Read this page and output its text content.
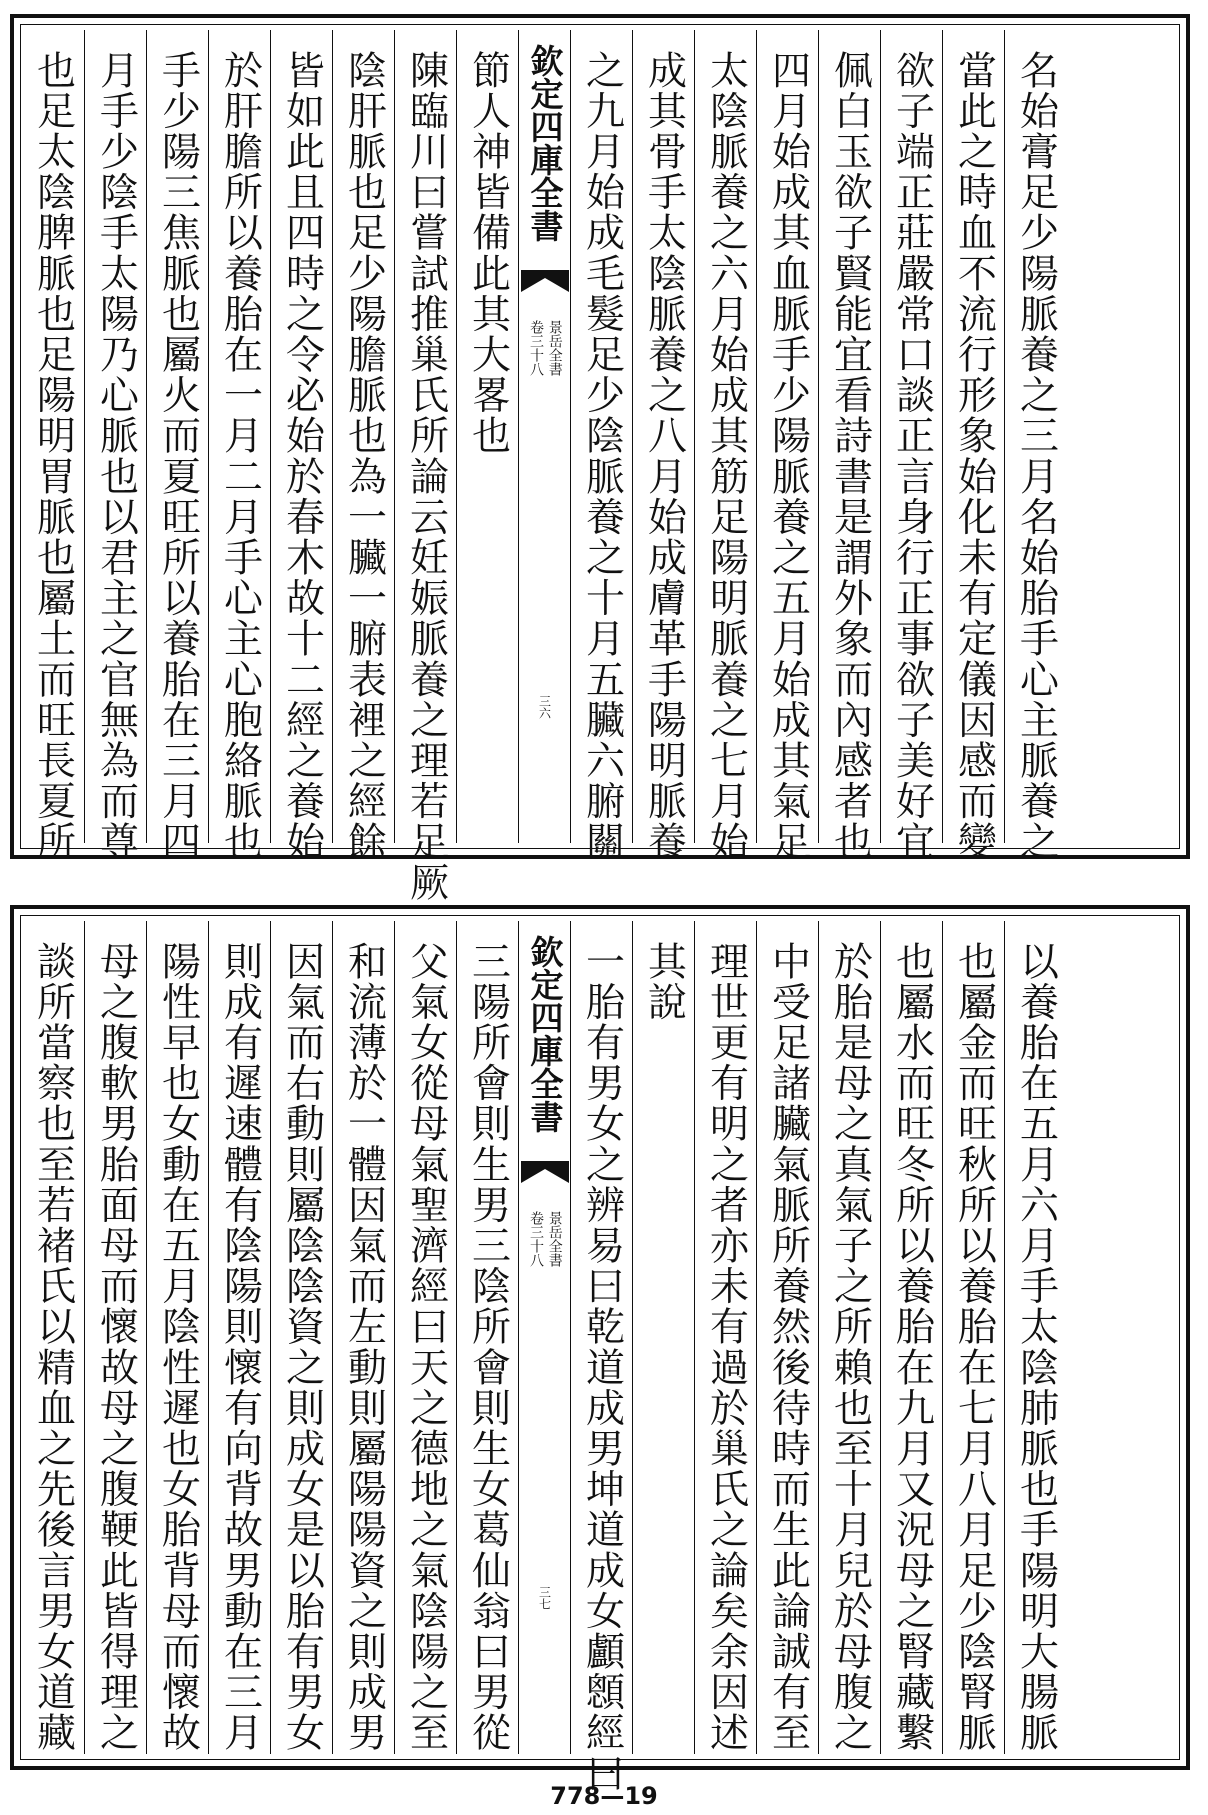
也足太陰脾脈也足陽明胃脈也屬土而旺長夏所 月手少陰手太陽乃心脈也以君主之官無為而尊 手少陽三焦脈也屬火而夏旺所以養胎在三月四 於肝膽所以養胎在一月二月手心主心胞絡脈也 皆如此且四時之令必始於春木故十二經之養始 陰肝脈也足少陽膽脈也為一臟一腑表裡之經餘 陳臨川曰嘗試推巢氏所論云妊娠脈養之理若足厥 節人神皆備此其大畧也 欽定四庫全書
景岳全書
卷三十八
三六 之九月始成毛髮足少陰脈養之十月五臟六腑關 成其骨手太陰脈養之八月始成膚革手陽明脈養 太陰脈養之六月始成其筋足陽明脈養之七月始 四月始成其血脈手少陽脈養之五月始成其氣足 佩白玉欲子賢能宜看詩書是謂外象而內感者也 欲子端正莊嚴常口談正言身行正事欲子美好宜 當此之時血不流行形象始化未有定儀因感而變 名始膏足少陽脈養之三月名始胎手心主脈養之
談所當察也至若褚氏以精血之先後言男女道藏 母之腹軟男胎面母而懷故母之腹鞕此皆得理之 陽性早也女動在五月陰性遲也女胎背母而懷故 則成有遲速體有陰陽則懷有向背故男動在三月 因氣而右動則屬陰陰資之則成女是以胎有男女 和流薄於一體因氣而左動則屬陽陽資之則成男 父氣女從母氣聖濟經曰天之德地之氣陰陽之至 三陽所會則生男三陰所會則生女葛仙翁曰男從 欽定四庫全書
景岳全書
卷三十八
三七 一胎有男女之辨易曰乾道成男坤道成女顱顖經曰 其說 理世更有明之者亦未有過於巢氏之論矣余因述 中受足諸臟氣脈所養然後待時而生此論誠有至 於胎是母之真氣子之所賴也至十月兒於母腹之 也屬水而旺冬所以養胎在九月又況母之腎藏繫 也屬金而旺秋所以養胎在七月八月足少陰腎脈 以養胎在五月六月手太陰肺脈也手陽明大腸脈
778—19
